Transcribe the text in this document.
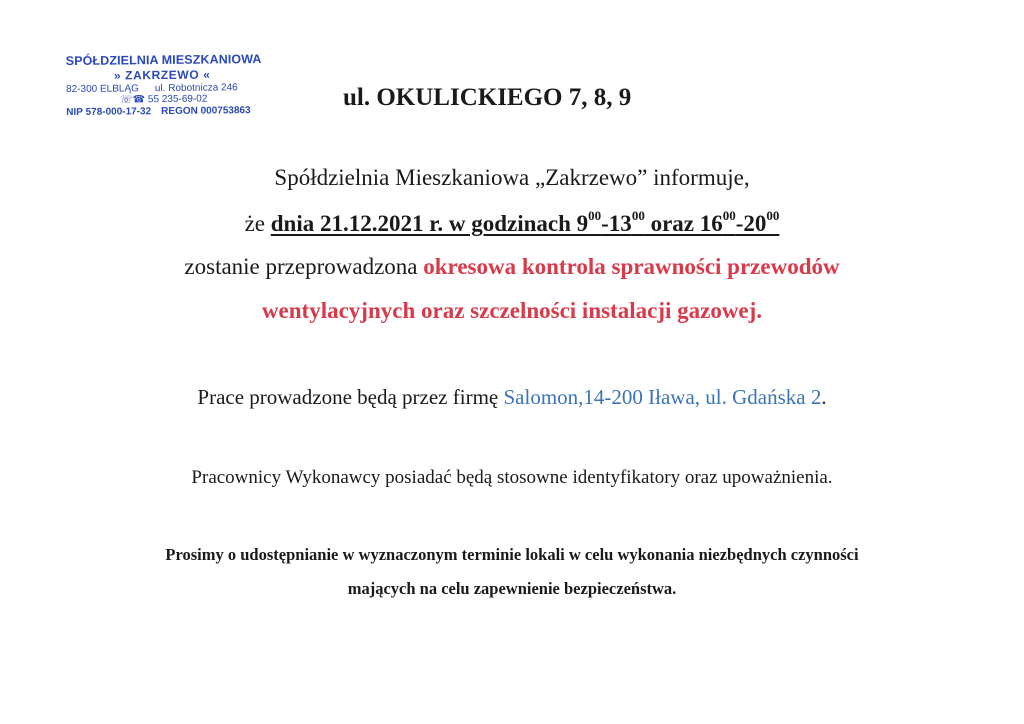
SPÓŁDZIELNIA MIESZKANIOWA
» ZAKRZEWO «
82-300 ELBLĄG ul. Robotnicza 246
☏☎ 55 235-69-02
NIP 578-000-17-32 REGON 000753863
ul. OKULICKIEGO 7, 8, 9
Spółdzielnia Mieszkaniowa „Zakrzewo” informuje,
że dnia 21.12.2021 r. w godzinach $9^{00}-13^{00}$ oraz $16^{00}-20^{00}$
zostanie przeprowadzona okresowa kontrola sprawności przewodów
wentylacyjnych oraz szczelności instalacji gazowej.
Prace prowadzone będą przez firmę Salomon,14-200 Iława, ul. Gdańska 2.
Pracownicy Wykonawcy posiadać będą stosowne identyfikatory oraz upoważnienia.
Prosimy o udostępnianie w wyznaczonym terminie lokali w celu wykonania niezbędnych czynności
mających na celu zapewnienie bezpieczeństwa.
